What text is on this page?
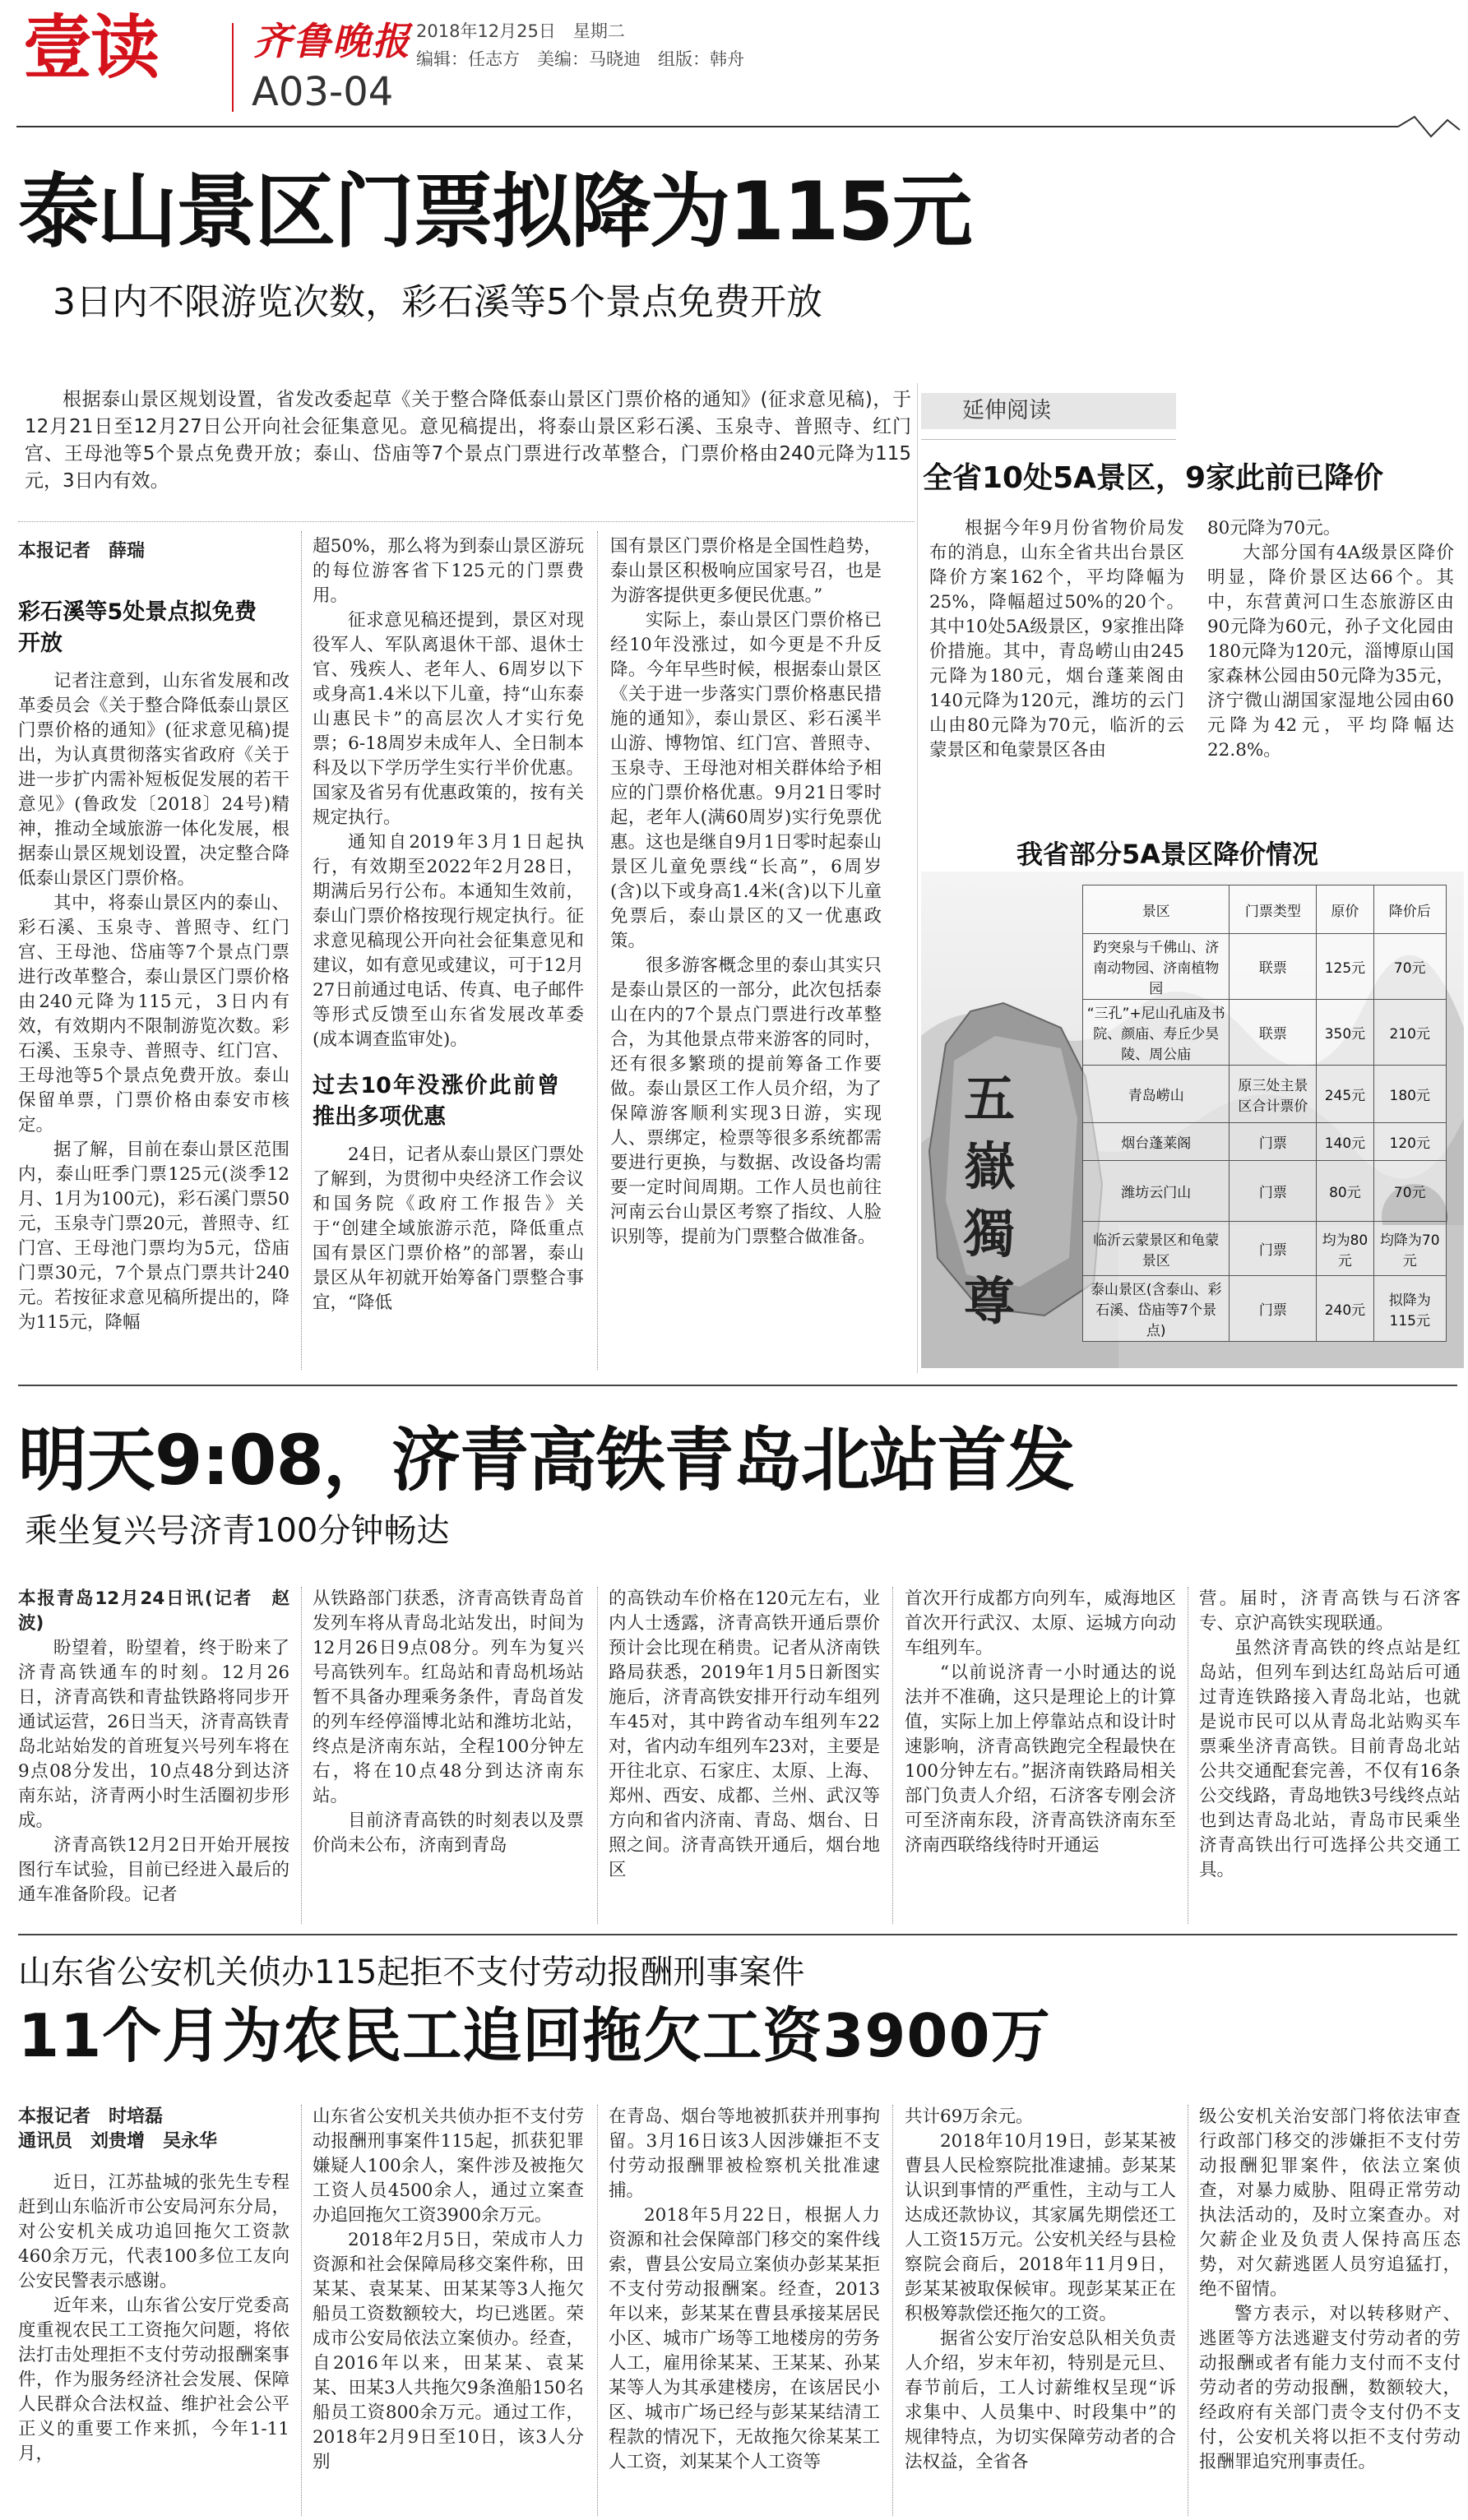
壹读	齐鲁晚报
A03-04
2018年12月25日　星期二
编辑：任志方　美编：马晓迪　组版：韩舟
泰山景区门票拟降为115元
3日内不限游览次数，彩石溪等5个景点免费开放
根据泰山景区规划设置，省发改委起草《关于整合降低泰山景区门票价格的通知》(征求意见稿)，于12月21日至12月27日公开向社会征集意见。意见稿提出，将泰山景区彩石溪、玉泉寺、普照寺、红门宫、王母池等5个景点免费开放；泰山、岱庙等7个景点门票进行改革整合，门票价格由240元降为115元，3日内有效。

本报记者　薛瑞

彩石溪等5处景点拟免费开放

记者注意到，山东省发展和改革委员会《关于整合降低泰山景区门票价格的通知》(征求意见稿)提出，为认真贯彻落实省政府《关于进一步扩内需补短板促发展的若干意见》(鲁政发〔2018〕24号)精神，推动全域旅游一体化发展，根据泰山景区规划设置，决定整合降低泰山景区门票价格。

其中，将泰山景区内的泰山、彩石溪、玉泉寺、普照寺、红门宫、王母池、岱庙等7个景点门票进行改革整合，泰山景区门票价格由240元降为115元，3日内有效，有效期内不限制游览次数。彩石溪、玉泉寺、普照寺、红门宫、王母池等5个景点免费开放。泰山保留单票，门票价格由泰安市核定。

据了解，目前在泰山景区范围内，泰山旺季门票125元(淡季12月、1月为100元)，彩石溪门票50元，玉泉寺门票20元，普照寺、红门宫、王母池门票均为5元，岱庙门票30元，7个景点门票共计240元。若按征求意见稿所提出的，降为115元，降幅

超50%，那么将为到泰山景区游玩的每位游客省下125元的门票费用。

征求意见稿还提到，景区对现役军人、军队离退休干部、退休士官、残疾人、老年人、6周岁以下或身高1.4米以下儿童，持“山东泰山惠民卡”的高层次人才实行免票；6-18周岁未成年人、全日制本科及以下学历学生实行半价优惠。国家及省另有优惠政策的，按有关规定执行。

通知自2019年3月1日起执行，有效期至2022年2月28日，期满后另行公布。本通知生效前，泰山门票价格按现行规定执行。征求意见稿现公开向社会征集意见和建议，如有意见或建议，可于12月27日前通过电话、传真、电子邮件等形式反馈至山东省发展改革委(成本调查监审处)。

过去10年没涨价此前曾推出多项优惠

24日，记者从泰山景区门票处了解到，为贯彻中央经济工作会议和国务院《政府工作报告》关于“创建全域旅游示范，降低重点国有景区门票价格”的部署，泰山景区从年初就开始筹备门票整合事宜，“降低

国有景区门票价格是全国性趋势，泰山景区积极响应国家号召，也是为游客提供更多便民优惠。”

实际上，泰山景区门票价格已经10年没涨过，如今更是不升反降。今年早些时候，根据泰山景区《关于进一步落实门票价格惠民措施的通知》，泰山景区、彩石溪半山游、博物馆、红门宫、普照寺、玉泉寺、王母池对相关群体给予相应的门票价格优惠。9月21日零时起，老年人(满60周岁)实行免票优惠。这也是继自9月1日零时起泰山景区儿童免票线“长高”，6周岁(含)以下或身高1.4米(含)以下儿童免票后，泰山景区的又一优惠政策。

很多游客概念里的泰山其实只是泰山景区的一部分，此次包括泰山在内的7个景点门票进行改革整合，为其他景点带来游客的同时，还有很多繁琐的提前筹备工作要做。泰山景区工作人员介绍，为了保障游客顺利实现3日游，实现人、票绑定，检票等很多系统都需要进行更换，与数据、改设备均需要一定时间周期。工作人员也前往河南云台山景区考察了指纹、人脸识别等，提前为门票整合做准备。

延伸阅读
全省10处5A景区，9家此前已降价

根据今年9月份省物价局发布的消息，山东全省共出台景区降价方案162个，平均降幅为25%，降幅超过50%的20个。其中10处5A级景区，9家推出降价措施。其中，青岛崂山由245元降为180元，烟台蓬莱阁由140元降为120元，潍坊的云门山由80元降为70元，临沂的云蒙景区和龟蒙景区各由

80元降为70元。

大部分国有4A级景区降价明显，降价景区达66个。其中，东营黄河口生态旅游区由90元降为60元，孙子文化园由180元降为120元，淄博原山国家森林公园由50元降为35元，济宁微山湖国家湿地公园由60元降为42元，平均降幅达22.8%。

我省部分5A景区降价情况
五嶽獨尊
景区	门票类型	原价	降价后
趵突泉与千佛山、济南动物园、济南植物园	联票	125元	70元
“三孔”+尼山孔庙及书院、颜庙、寿丘少昊陵、周公庙	联票	350元	210元
青岛崂山	原三处主景区合计票价	245元	180元
烟台蓬莱阁	门票	140元	120元
潍坊云门山	门票	80元	70元
临沂云蒙景区和龟蒙景区	门票	均为80元	均降为70元
泰山景区(含泰山、彩石溪、岱庙等7个景点)	门票	240元	拟降为115元
明天9:08，济青高铁青岛北站首发
乘坐复兴号济青100分钟畅达

本报青岛12月24日讯(记者　赵波)

盼望着，盼望着，终于盼来了济青高铁通车的时刻。12月26日，济青高铁和青盐铁路将同步开通试运营，26日当天，济青高铁青岛北站始发的首班复兴号列车将在9点08分发出，10点48分到达济南东站，济青两小时生活圈初步形成。

济青高铁12月2日开始开展按图行车试验，目前已经进入最后的通车准备阶段。记者

从铁路部门获悉，济青高铁青岛首发列车将从青岛北站发出，时间为12月26日9点08分。列车为复兴号高铁列车。红岛站和青岛机场站暂不具备办理乘务条件，青岛首发的列车经停淄博北站和潍坊北站，终点是济南东站，全程100分钟左右，将在10点48分到达济南东站。

目前济青高铁的时刻表以及票价尚未公布，济南到青岛

的高铁动车价格在120元左右，业内人士透露，济青高铁开通后票价预计会比现在稍贵。记者从济南铁路局获悉，2019年1月5日新图实施后，济青高铁安排开行动车组列车45对，其中跨省动车组列车22对，省内动车组列车23对，主要是开往北京、石家庄、太原、上海、郑州、西安、成都、兰州、武汉等方向和省内济南、青岛、烟台、日照之间。济青高铁开通后，烟台地区

首次开行成都方向列车，威海地区首次开行武汉、太原、运城方向动车组列车。

“以前说济青一小时通达的说法并不准确，这只是理论上的计算值，实际上加上停靠站点和设计时速影响，济青高铁跑完全程最快在100分钟左右。”据济南铁路局相关部门负责人介绍，石济客专刚会济可至济南东段，济青高铁济南东至济南西联络线待时开通运

营。届时，济青高铁与石济客专、京沪高铁实现联通。

虽然济青高铁的终点站是红岛站，但列车到达红岛站后可通过青连铁路接入青岛北站，也就是说市民可以从青岛北站购买车票乘坐济青高铁。目前青岛北站公共交通配套完善，不仅有16条公交线路，青岛地铁3号线终点站也到达青岛北站，青岛市民乘坐济青高铁出行可选择公共交通工具。

山东省公安机关侦办115起拒不支付劳动报酬刑事案件
11个月为农民工追回拖欠工资3900万

本报记者　时培磊

通讯员　刘贵增　吴永华

近日，江苏盐城的张先生专程赶到山东临沂市公安局河东分局，对公安机关成功追回拖欠工资款460余万元，代表100多位工友向公安民警表示感谢。

近年来，山东省公安厅党委高度重视农民工工资拖欠问题，将依法打击处理拒不支付劳动报酬案事件，作为服务经济社会发展、保障人民群众合法权益、维护社会公平正义的重要工作来抓，今年1-11月，

山东省公安机关共侦办拒不支付劳动报酬刑事案件115起，抓获犯罪嫌疑人100余人，案件涉及被拖欠工资人员4500余人，通过立案查办追回拖欠工资3900余万元。

2018年2月5日，荣成市人力资源和社会保障局移交案件称，田某某、袁某某、田某某等3人拖欠船员工资数额较大，均已逃匿。荣成市公安局依法立案侦办。经查，自2016年以来，田某某、袁某某、田某3人共拖欠9条渔船150名船员工资800余万元。通过工作，2018年2月9日至10日，该3人分别

在青岛、烟台等地被抓获并刑事拘留。3月16日该3人因涉嫌拒不支付劳动报酬罪被检察机关批准逮捕。

2018年5月22日，根据人力资源和社会保障部门移交的案件线索，曹县公安局立案侦办彭某某拒不支付劳动报酬案。经查，2013年以来，彭某某在曹县承接某居民小区、城市广场等工地楼房的劳务人工，雇用徐某某、王某某、孙某某等人为其承建楼房，在该居民小区、城市广场已经与彭某某结清工程款的情况下，无故拖欠徐某某工人工资，刘某某个人工资等

共计69万余元。

2018年10月19日，彭某某被曹县人民检察院批准逮捕。彭某某认识到事情的严重性，主动与工人达成还款协议，其家属先期偿还工人工资15万元。公安机关经与县检察院会商后，2018年11月9日，彭某某被取保候审。现彭某某正在积极筹款偿还拖欠的工资。

据省公安厅治安总队相关负责人介绍，岁末年初，特别是元旦、春节前后，工人讨薪维权呈现“诉求集中、人员集中、时段集中”的规律特点，为切实保障劳动者的合法权益，全省各

级公安机关治安部门将依法审查行政部门移交的涉嫌拒不支付劳动报酬犯罪案件，依法立案侦查，对暴力威胁、阻碍正常劳动执法活动的，及时立案查办。对欠薪企业及负责人保持高压态势，对欠薪逃匿人员穷追猛打，绝不留情。

警方表示，对以转移财产、逃匿等方法逃避支付劳动者的劳动报酬或者有能力支付而不支付劳动者的劳动报酬，数额较大，经政府有关部门责令支付仍不支付，公安机关将以拒不支付劳动报酬罪追究刑事责任。
